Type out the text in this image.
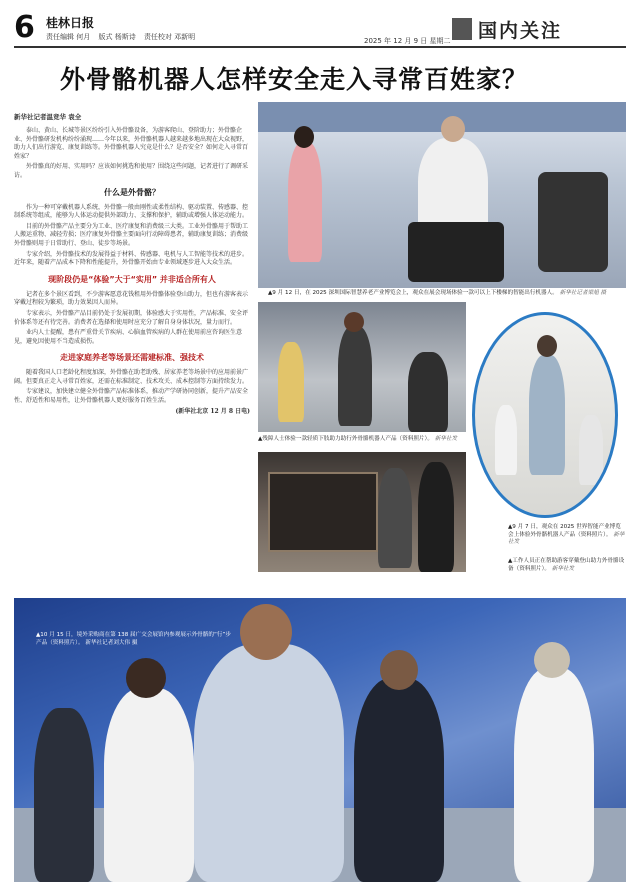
6 桂林日报
责任编辑 何月 版式 杨斯诗 责任校对 邓新明	2025 年 12 月 9 日 星期二 国内关注
外骨骼机器人怎样安全走入寻常百姓家？
新华社记者温竞华 袁全

泰山、黄山、长城等景区纷纷引入外骨骼设备，为游客爬山、登阶助力；外骨骼企业、外骨骼研发机构纷纷涌现……今年以来，外骨骼机器人越来越多地出现在大众视野，助力人们出行游览、康复训练等。外骨骼机器人究竟是什么？是否安全？如何走入寻常百姓家？

外骨骼真的好用、实用吗？应该如何挑选和使用？围绕这些问题，记者进行了调研采访。

什么是外骨骼？

作为一种可穿戴机器人系统，外骨骼一般由刚性或柔性结构、驱动装置、传感器、控制系统等组成，能够为人体运动提供外部助力、支撑和保护，辅助或增强人体运动能力。

目前的外骨骼产品主要分为工业、医疗康复和消费级三大类。工业外骨骼用于帮助工人搬运重物、减轻劳损；医疗康复外骨骼主要面向行动障碍患者，辅助康复训练；消费级外骨骼则用于日常助行、登山、徒步等场景。

专家介绍，外骨骼技术的发展得益于材料、传感器、电机与人工智能等技术的进步。近年来，随着产品成本下降和性能提升，外骨骼开始由专业领域逐步进入大众生活。

现阶段仍是“体验”大于“实用” 并非适合所有人

记者在多个景区看到，不少游客愿意花钱租用外骨骼体验登山助力，但也有游客表示穿戴过程较为繁琐，助力效果因人而异。

专家表示，外骨骼产品目前仍处于发展初期，体验感大于实用性，产品标准、安全评价体系等还有待完善。消费者在选择和使用时应充分了解自身身体状况，量力而行。

业内人士提醒，患有严重骨关节疾病、心脑血管疾病的人群在使用前应咨询医生意见，避免因使用不当造成损伤。

走进家庭养老等场景还需建标准、强技术

随着我国人口老龄化程度加深，外骨骼在助老助残、居家养老等场景中的应用前景广阔。但要真正走入寻常百姓家，还需在标准制定、技术攻关、成本控制等方面持续发力。

专家建议，加快建立健全外骨骼产品标准体系，推动产学研协同创新，提升产品安全性、舒适性和易用性，让外骨骼机器人更好服务百姓生活。

(新华社北京 12 月 8 日电)

▲9 月 12 日，在 2025 深圳国际智慧养老产业博览会上，观众在展会现场体验一款可以上下楼梯的智能出行机器人。 新华社记者梁旭 摄
▲残障人士体验一款轻质下肢助力助行外骨骼机器人产品（资料照片）。 新华社发
▲9 月 7 日，观众在 2025 世界智能产业博览会上体验外骨骼机器人产品（资料照片）。 新华社发
▲工作人员正在帮助游客穿戴登山助力外骨骼设备（资料照片）。 新华社发
▲10 月 15 日，境外采购商在第 138 届广交会展馆内参观展示外骨骼的“行”步产品（资料照片）。 新华社记者刘大伟 摄
